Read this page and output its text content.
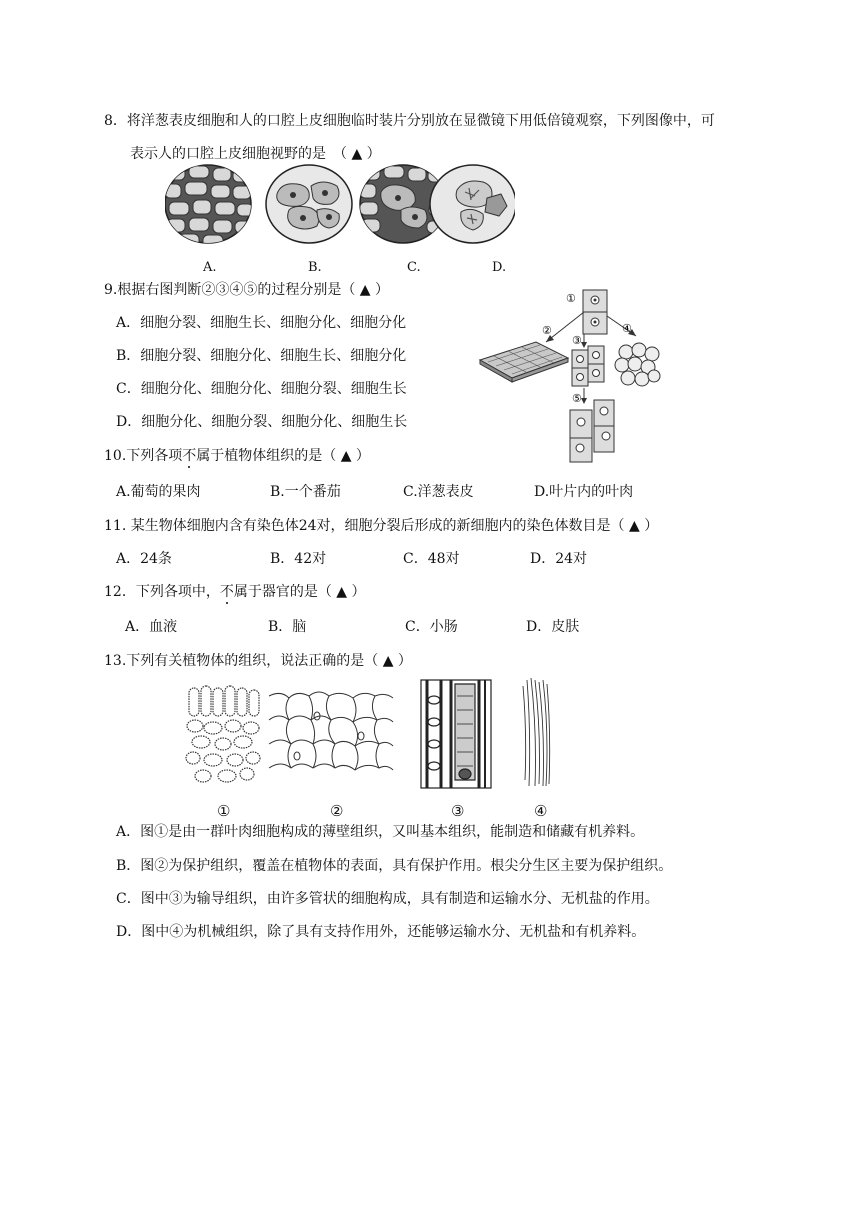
8．将洋葱表皮细胞和人的口腔上皮细胞临时装片分别放在显微镜下用低倍镜观察，下列图像中，可
表示人的口腔上皮细胞视野的是　（ ▲ ）
A.	B.	C.	D.
9.根据右图判断②③④⑤的过程分别是（ ▲ ）
A．细胞分裂、细胞生长、细胞分化、细胞分化
B．细胞分裂、细胞分化、细胞生长、细胞分化
C．细胞分化、细胞分化、细胞分裂、细胞生长
D．细胞分化、细胞分裂、细胞分化、细胞生长
①
②
③
④
⑤
10.下列各项不属于植物体组织的是（ ▲ ）
A.葡萄的果肉	B.一个番茄	C.洋葱表皮	D.叶片内的叶肉
11. 某生物体细胞内含有染色体24对，细胞分裂后形成的新细胞内的染色体数目是（ ▲ ）
A．24条	B．42对	C．48对	D．24对
12．下列各项中，不属于器官的是（ ▲ ）
A．血液	B．脑	C．小肠	D．皮肤
13.下列有关植物体的组织，说法正确的是（ ▲ ）
①	②	③	④
A．图①是由一群叶肉细胞构成的薄壁组织，又叫基本组织，能制造和储藏有机养料。
B．图②为保护组织，覆盖在植物体的表面，具有保护作用。根尖分生区主要为保护组织。
C．图中③为输导组织，由许多管状的细胞构成，具有制造和运输水分、无机盐的作用。
D．图中④为机械组织，除了具有支持作用外，还能够运输水分、无机盐和有机养料。
